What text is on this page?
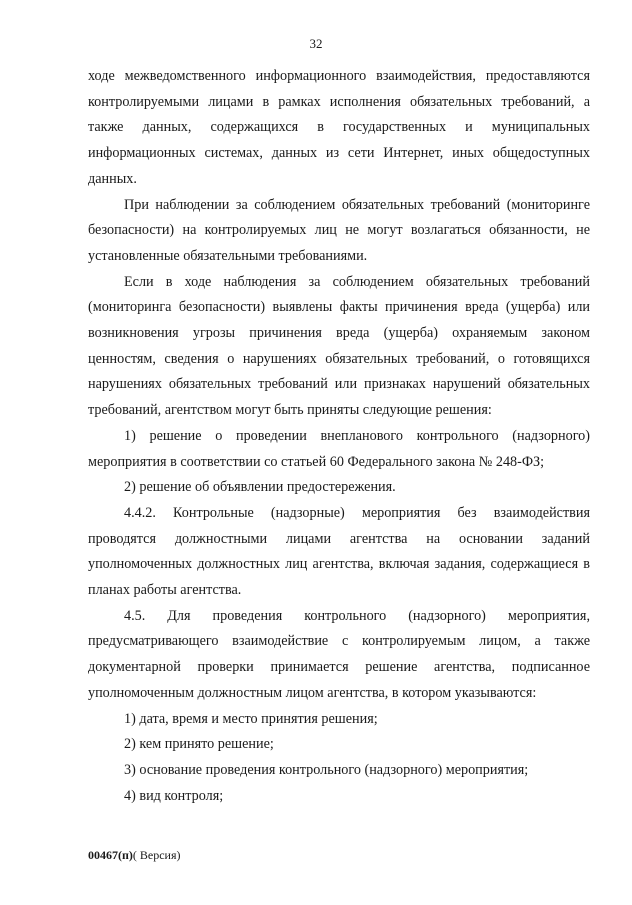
32

ходе межведомственного информационного взаимодействия, предоставляются контролируемыми лицами в рамках исполнения обязательных требований, а также данных, содержащихся в государственных и муниципальных информационных системах, данных из сети Интернет, иных общедоступных данных.

При наблюдении за соблюдением обязательных требований (мониторинге безопасности) на контролируемых лиц не могут возлагаться обязанности, не установленные обязательными требованиями.

Если в ходе наблюдения за соблюдением обязательных требований (мониторинга безопасности) выявлены факты причинения вреда (ущерба) или возникновения угрозы причинения вреда (ущерба) охраняемым законом ценностям, сведения о нарушениях обязательных требований, о готовящихся нарушениях обязательных требований или признаках нарушений обязательных требований, агентством могут быть приняты следующие решения:

1) решение о проведении внепланового контрольного (надзорного) мероприятия в соответствии со статьей 60 Федерального закона № 248-ФЗ;

2) решение об объявлении предостережения.

4.4.2. Контрольные (надзорные) мероприятия без взаимодействия проводятся должностными лицами агентства на основании заданий уполномоченных должностных лиц агентства, включая задания, содержащиеся в планах работы агентства.

4.5. Для проведения контрольного (надзорного) мероприятия, предусматривающего взаимодействие с контролируемым лицом, а также документарной проверки принимается решение агентства, подписанное уполномоченным должностным лицом агентства, в котором указываются:

1) дата, время и место принятия решения;

2) кем принято решение;

3) основание проведения контрольного (надзорного) мероприятия;

4) вид контроля;

00467(п)( Версия)
